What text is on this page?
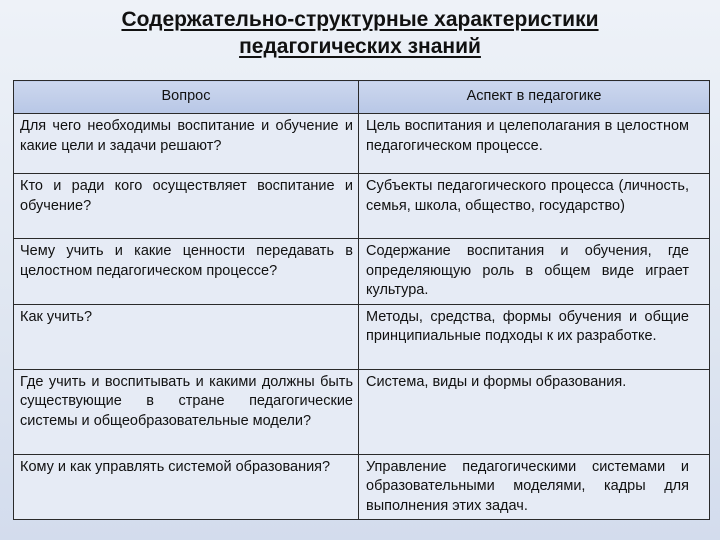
Содержательно-структурные характеристики
педагогических знаний
Вопрос	Аспект в педагогике
Для чего необходимы воспитание и обучение и какие цели и задачи решают?	Цель воспитания и целеполагания в целостном педагогическом процессе.
Кто и ради кого осуществляет воспитание и обучение?	Субъекты педагогического процесса (личность, семья, школа, общество, государство)
Чему учить и какие ценности передавать в целостном педагогическом процессе?	Содержание воспитания и обучения, где определяющую роль в общем виде играет культура.
Как учить?	Методы, средства, формы обучения и общие принципиальные подходы к их разработке.
Где учить и воспитывать и какими должны быть существующие в стране педагогические системы и общеобразовательные модели?	Система, виды и формы образования.
Кому и как управлять системой образования?	Управление педагогическими системами и образовательными моделями, кадры для выполнения этих задач.
